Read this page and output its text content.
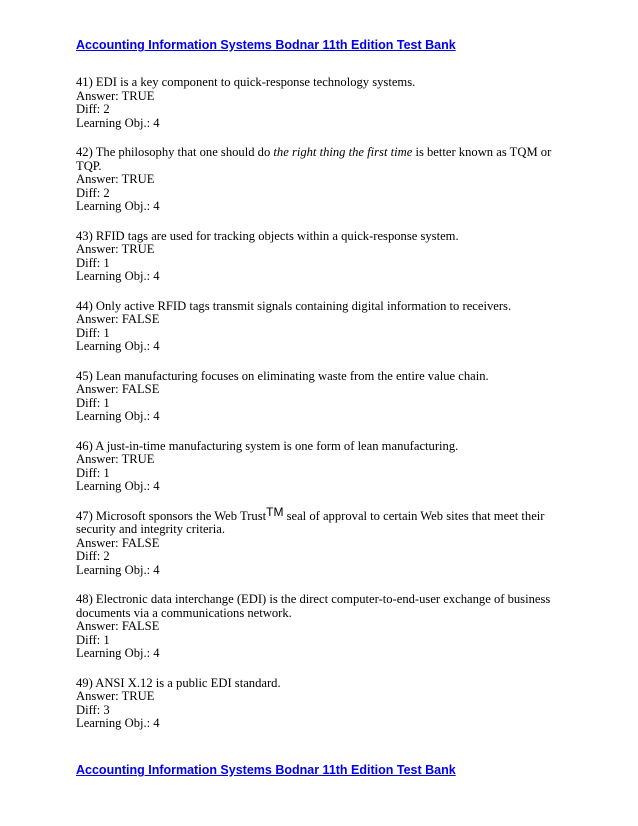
Accounting Information Systems Bodnar 11th Edition Test Bank
41) EDI is a key component to quick-response technology systems.
Answer: TRUE
Diff: 2
Learning Obj.: 4
42) The philosophy that one should do the right thing the first time is better known as TQM or TQP.
Answer: TRUE
Diff: 2
Learning Obj.: 4
43) RFID tags are used for tracking objects within a quick-response system.
Answer: TRUE
Diff: 1
Learning Obj.: 4
44) Only active RFID tags transmit signals containing digital information to receivers.
Answer: FALSE
Diff: 1
Learning Obj.: 4
45) Lean manufacturing focuses on eliminating waste from the entire value chain.
Answer: FALSE
Diff: 1
Learning Obj.: 4
46) A just-in-time manufacturing system is one form of lean manufacturing.
Answer: TRUE
Diff: 1
Learning Obj.: 4
47) Microsoft sponsors the Web TrustTM seal of approval to certain Web sites that meet their security and integrity criteria.
Answer: FALSE
Diff: 2
Learning Obj.: 4
48) Electronic data interchange (EDI) is the direct computer-to-end-user exchange of business documents via a communications network.
Answer: FALSE
Diff: 1
Learning Obj.: 4
49) ANSI X.12 is a public EDI standard.
Answer: TRUE
Diff: 3
Learning Obj.: 4
Accounting Information Systems Bodnar 11th Edition Test Bank
